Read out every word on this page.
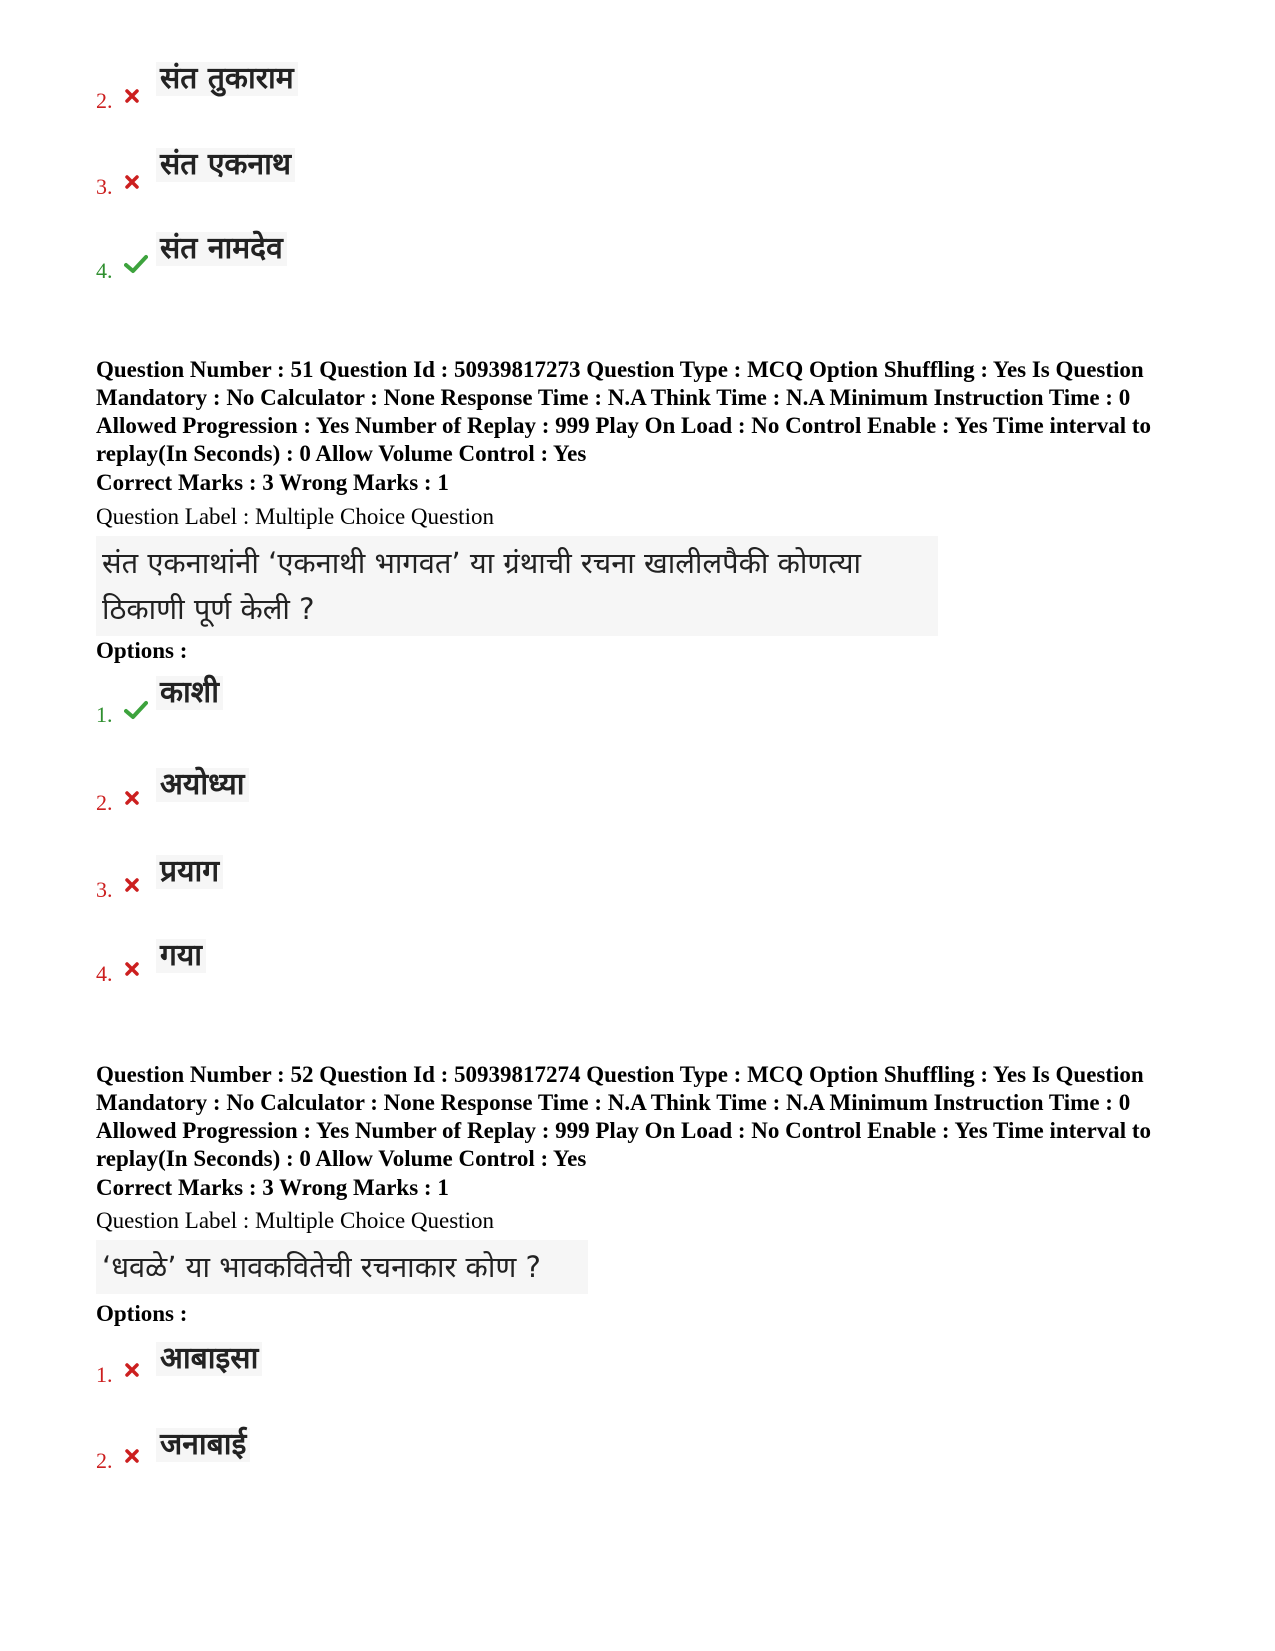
2.
संत तुकाराम
3.
संत एकनाथ
4.
संत नामदेव
Question Number : 51 Question Id : 50939817273 Question Type : MCQ Option Shuffling : Yes Is Question Mandatory : No Calculator : None Response Time : N.A Think Time : N.A Minimum Instruction Time : 0 Allowed Progression : Yes Number of Replay : 999 Play On Load : No Control Enable : Yes Time interval to replay(In Seconds) : 0 Allow Volume Control : Yes
Correct Marks : 3 Wrong Marks : 1
Question Label : Multiple Choice Question
संत एकनाथांनी ‘एकनाथी भागवत’ या ग्रंथाची रचना खालीलपैकी कोणत्या
ठिकाणी पूर्ण केली ?
Options :
1.
काशी
2.
अयोध्या
3.
प्रयाग
4.
गया
Question Number : 52 Question Id : 50939817274 Question Type : MCQ Option Shuffling : Yes Is Question Mandatory : No Calculator : None Response Time : N.A Think Time : N.A Minimum Instruction Time : 0 Allowed Progression : Yes Number of Replay : 999 Play On Load : No Control Enable : Yes Time interval to replay(In Seconds) : 0 Allow Volume Control : Yes
Correct Marks : 3 Wrong Marks : 1
Question Label : Multiple Choice Question
‘धवळे’ या भावकवितेची रचनाकार कोण ?
Options :
1. आबाइसा
2. जनाबाई
